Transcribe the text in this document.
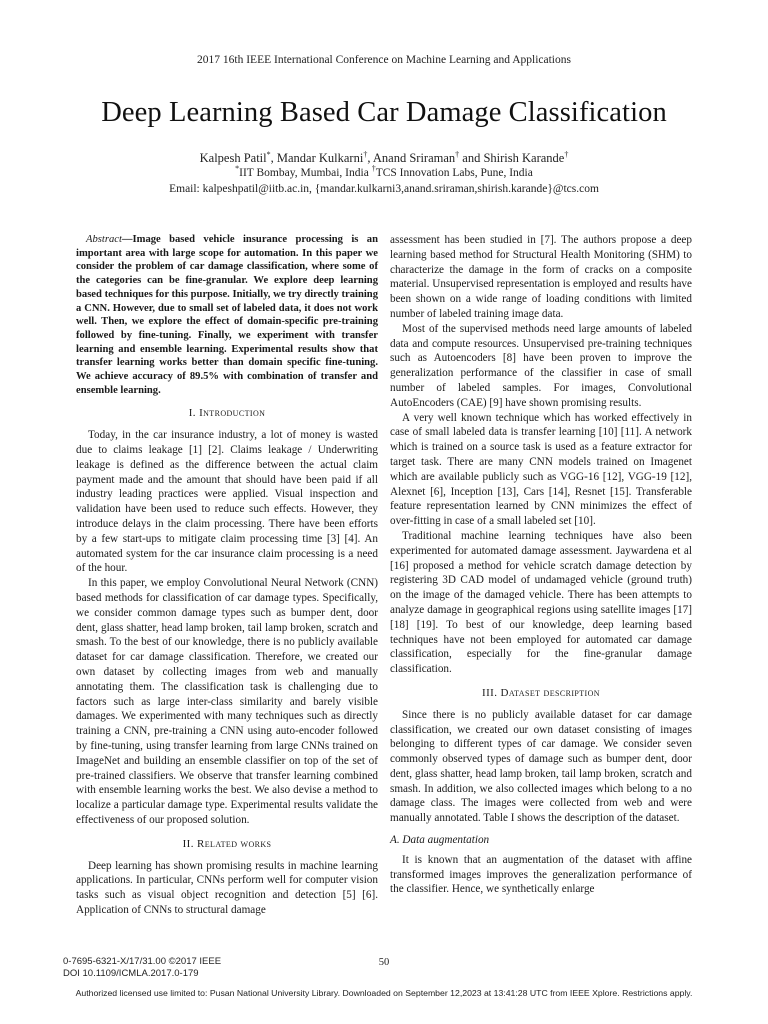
2017 16th IEEE International Conference on Machine Learning and Applications
Deep Learning Based Car Damage Classification
Kalpesh Patil*, Mandar Kulkarni†, Anand Sriraman† and Shirish Karande†
*IIT Bombay, Mumbai, India †TCS Innovation Labs, Pune, India
Email: kalpeshpatil@iitb.ac.in, {mandar.kulkarni3,anand.sriraman,shirish.karande}@tcs.com

Abstract—Image based vehicle insurance processing is an important area with large scope for automation. In this paper we consider the problem of car damage classification, where some of the categories can be fine-granular. We explore deep learning based techniques for this purpose. Initially, we try directly training a CNN. However, due to small set of labeled data, it does not work well. Then, we explore the effect of domain-specific pre-training followed by fine-tuning. Finally, we experiment with transfer learning and ensemble learning. Experimental results show that transfer learning works better than domain specific fine-tuning. We achieve accuracy of 89.5% with combination of transfer and ensemble learning.

I. Introduction

Today, in the car insurance industry, a lot of money is wasted due to claims leakage [1] [2]. Claims leakage / Underwriting leakage is defined as the difference between the actual claim payment made and the amount that should have been paid if all industry leading practices were applied. Visual inspection and validation have been used to reduce such effects. However, they introduce delays in the claim processing. There have been efforts by a few start-ups to mitigate claim processing time [3] [4]. An automated system for the car insurance claim processing is a need of the hour.

In this paper, we employ Convolutional Neural Network (CNN) based methods for classification of car damage types. Specifically, we consider common damage types such as bumper dent, door dent, glass shatter, head lamp broken, tail lamp broken, scratch and smash. To the best of our knowledge, there is no publicly available dataset for car damage classification. Therefore, we created our own dataset by collecting images from web and manually annotating them. The classification task is challenging due to factors such as large inter-class similarity and barely visible damages. We experimented with many techniques such as directly training a CNN, pre-training a CNN using auto-encoder followed by fine-tuning, using transfer learning from large CNNs trained on ImageNet and building an ensemble classifier on top of the set of pre-trained classifiers. We observe that transfer learning combined with ensemble learning works the best. We also devise a method to localize a particular damage type. Experimental results validate the effectiveness of our proposed solution.

II. Related works

Deep learning has shown promising results in machine learning applications. In particular, CNNs perform well for computer vision tasks such as visual object recognition and detection [5] [6]. Application of CNNs to structural damage

assessment has been studied in [7]. The authors propose a deep learning based method for Structural Health Monitoring (SHM) to characterize the damage in the form of cracks on a composite material. Unsupervised representation is employed and results have been shown on a wide range of loading conditions with limited number of labeled training image data.

Most of the supervised methods need large amounts of labeled data and compute resources. Unsupervised pre-training techniques such as Autoencoders [8] have been proven to improve the generalization performance of the classifier in case of small number of labeled samples. For images, Convolutional AutoEncoders (CAE) [9] have shown promising results.

A very well known technique which has worked effectively in case of small labeled data is transfer learning [10] [11]. A network which is trained on a source task is used as a feature extractor for target task. There are many CNN models trained on Imagenet which are available publicly such as VGG-16 [12], VGG-19 [12], Alexnet [6], Inception [13], Cars [14], Resnet [15]. Transferable feature representation learned by CNN minimizes the effect of over-fitting in case of a small labeled set [10].

Traditional machine learning techniques have also been experimented for automated damage assessment. Jaywardena et al [16] proposed a method for vehicle scratch damage detection by registering 3D CAD model of undamaged vehicle (ground truth) on the image of the damaged vehicle. There has been attempts to analyze damage in geographical regions using satellite images [17] [18] [19]. To best of our knowledge, deep learning based techniques have not been employed for automated car damage classification, especially for the fine-granular damage classification.

III. Dataset description

Since there is no publicly available dataset for car damage classification, we created our own dataset consisting of images belonging to different types of car damage. We consider seven commonly observed types of damage such as bumper dent, door dent, glass shatter, head lamp broken, tail lamp broken, scratch and smash. In addition, we also collected images which belong to a no damage class. The images were collected from web and were manually annotated. Table I shows the description of the dataset.

A. Data augmentation

It is known that an augmentation of the dataset with affine transformed images improves the generalization performance of the classifier. Hence, we synthetically enlarge

0-7695-6321-X/17/31.00 ©2017 IEEE
DOI 10.1109/ICMLA.2017.0-179
50
Authorized licensed use limited to: Pusan National University Library. Downloaded on September 12,2023 at 13:41:28 UTC from IEEE Xplore. Restrictions apply.
